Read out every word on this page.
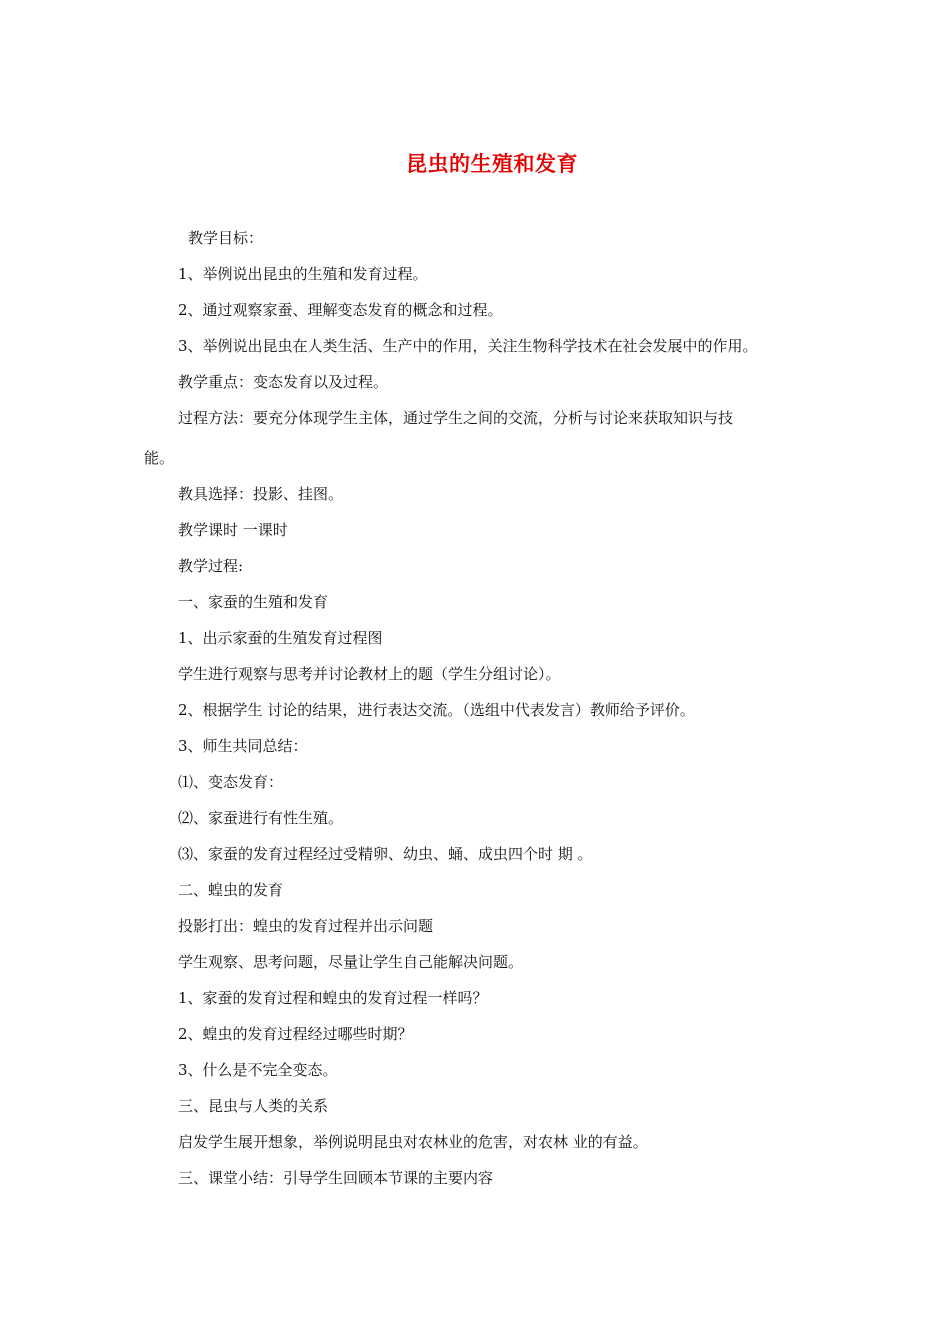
昆虫的生殖和发育
教学目标：
1、举例说出昆虫的生殖和发育过程。
2、通过观察家蚕、理解变态发育的概念和过程。
3、举例说出昆虫在人类生活、生产中的作用，关注生物科学技术在社会发展中的作用。
教学重点：变态发育以及过程。
过程方法：要充分体现学生主体，通过学生之间的交流，分析与讨论来获取知识与技
能。
教具选择：投影、挂图。
教学课时 一课时
教学过程:
一、家蚕的生殖和发育
1、出示家蚕的生殖发育过程图
学生进行观察与思考并讨论教材上的题（学生分组讨论）。
2、根据学生 讨论的结果，进行表达交流。（选组中代表发言）教师给予评价。
3、师生共同总结：
⑴、变态发育：
⑵、家蚕进行有性生殖。
⑶、家蚕的发育过程经过受精卵、幼虫、蛹、成虫四个时 期 。
二、蝗虫的发育
投影打出：蝗虫的发育过程并出示问题
学生观察、思考问题，尽量让学生自己能解决问题。
1、家蚕的发育过程和蝗虫的发育过程一样吗？
2、蝗虫的发育过程经过哪些时期？
3、什么是不完全变态。
三、昆虫与人类的关系
启发学生展开想象，举例说明昆虫对农林业的危害，对农林 业的有益。
三、课堂小结：引导学生回顾本节课的主要内容
